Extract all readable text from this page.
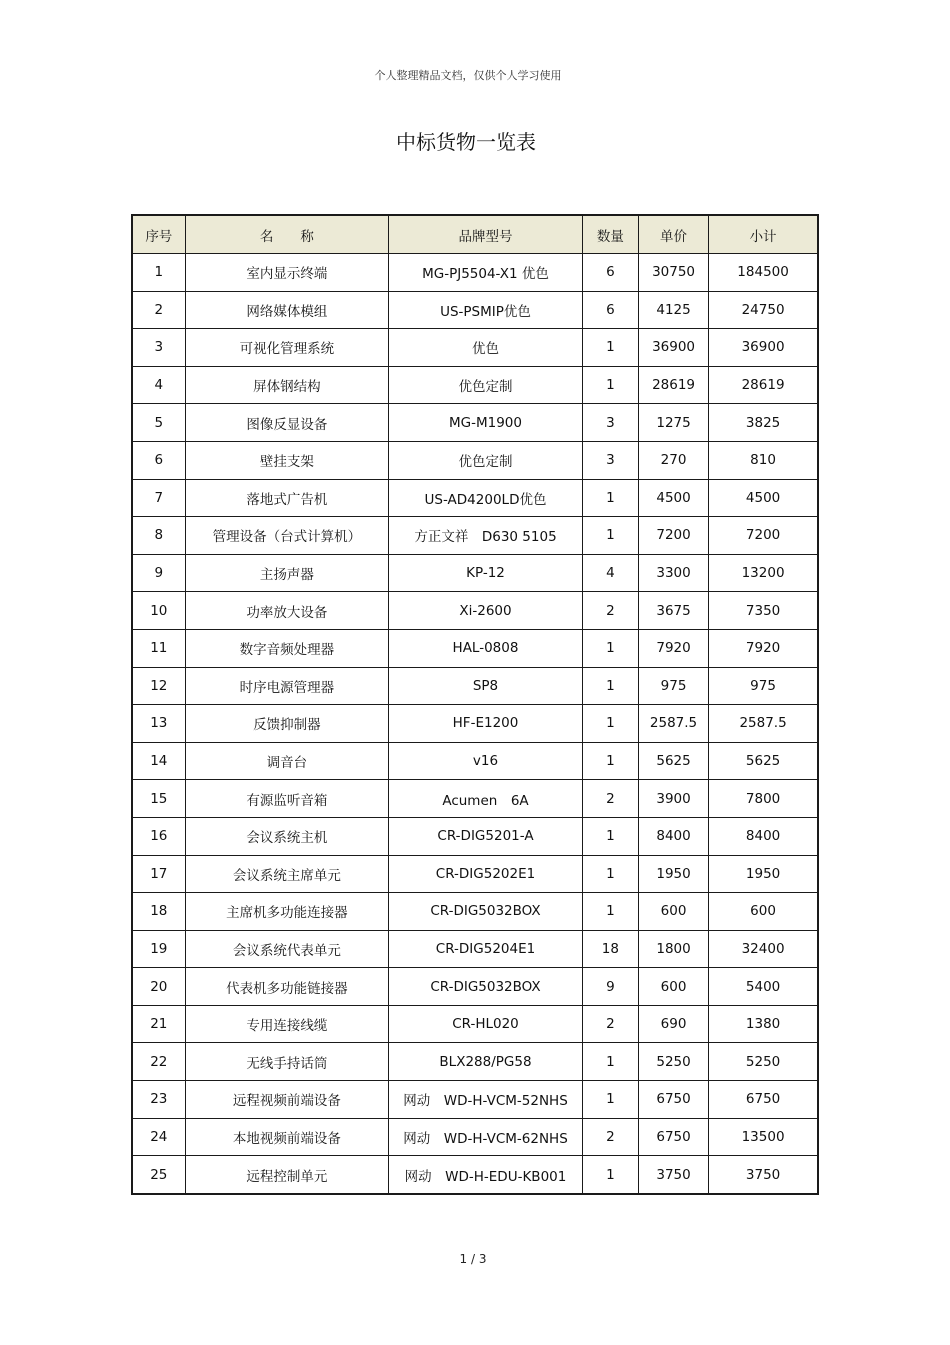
个人整理精品文档，仅供个人学习使用
中标货物一览表
序号	名　　称	品牌型号	数量	单价	小计
1	室内显示终端	MG-PJ5504-X1 优色	6	30750	184500
2	网络媒体模组	US-PSMIP优色	6	4125	24750
3	可视化管理系统	优色	1	36900	36900
4	屏体钢结构	优色定制	1	28619	28619
5	图像反显设备	MG-M1900	3	1275	3825
6	壁挂支架	优色定制	3	270	810
7	落地式广告机	US-AD4200LD优色	1	4500	4500
8	管理设备（台式计算机）	方正文祥　D630 5105	1	7200	7200
9	主扬声器	KP-12	4	3300	13200
10	功率放大设备	Xi-2600	2	3675	7350
11	数字音频处理器	HAL-0808	1	7920	7920
12	时序电源管理器	SP8	1	975	975
13	反馈抑制器	HF-E1200	1	2587.5	2587.5
14	调音台	v16	1	5625	5625
15	有源监听音箱	Acumen　6A	2	3900	7800
16	会议系统主机	CR-DIG5201-A	1	8400	8400
17	会议系统主席单元	CR-DIG5202E1	1	1950	1950
18	主席机多功能连接器	CR-DIG5032BOX	1	600	600
19	会议系统代表单元	CR-DIG5204E1	18	1800	32400
20	代表机多功能链接器	CR-DIG5032BOX	9	600	5400
21	专用连接线缆	CR-HL020	2	690	1380
22	无线手持话筒	BLX288/PG58	1	5250	5250
23	远程视频前端设备	网动　WD-H-VCM-52NHS	1	6750	6750
24	本地视频前端设备	网动　WD-H-VCM-62NHS	2	6750	13500
25	远程控制单元	网动　WD-H-EDU-KB001	1	3750	3750
1 / 3
